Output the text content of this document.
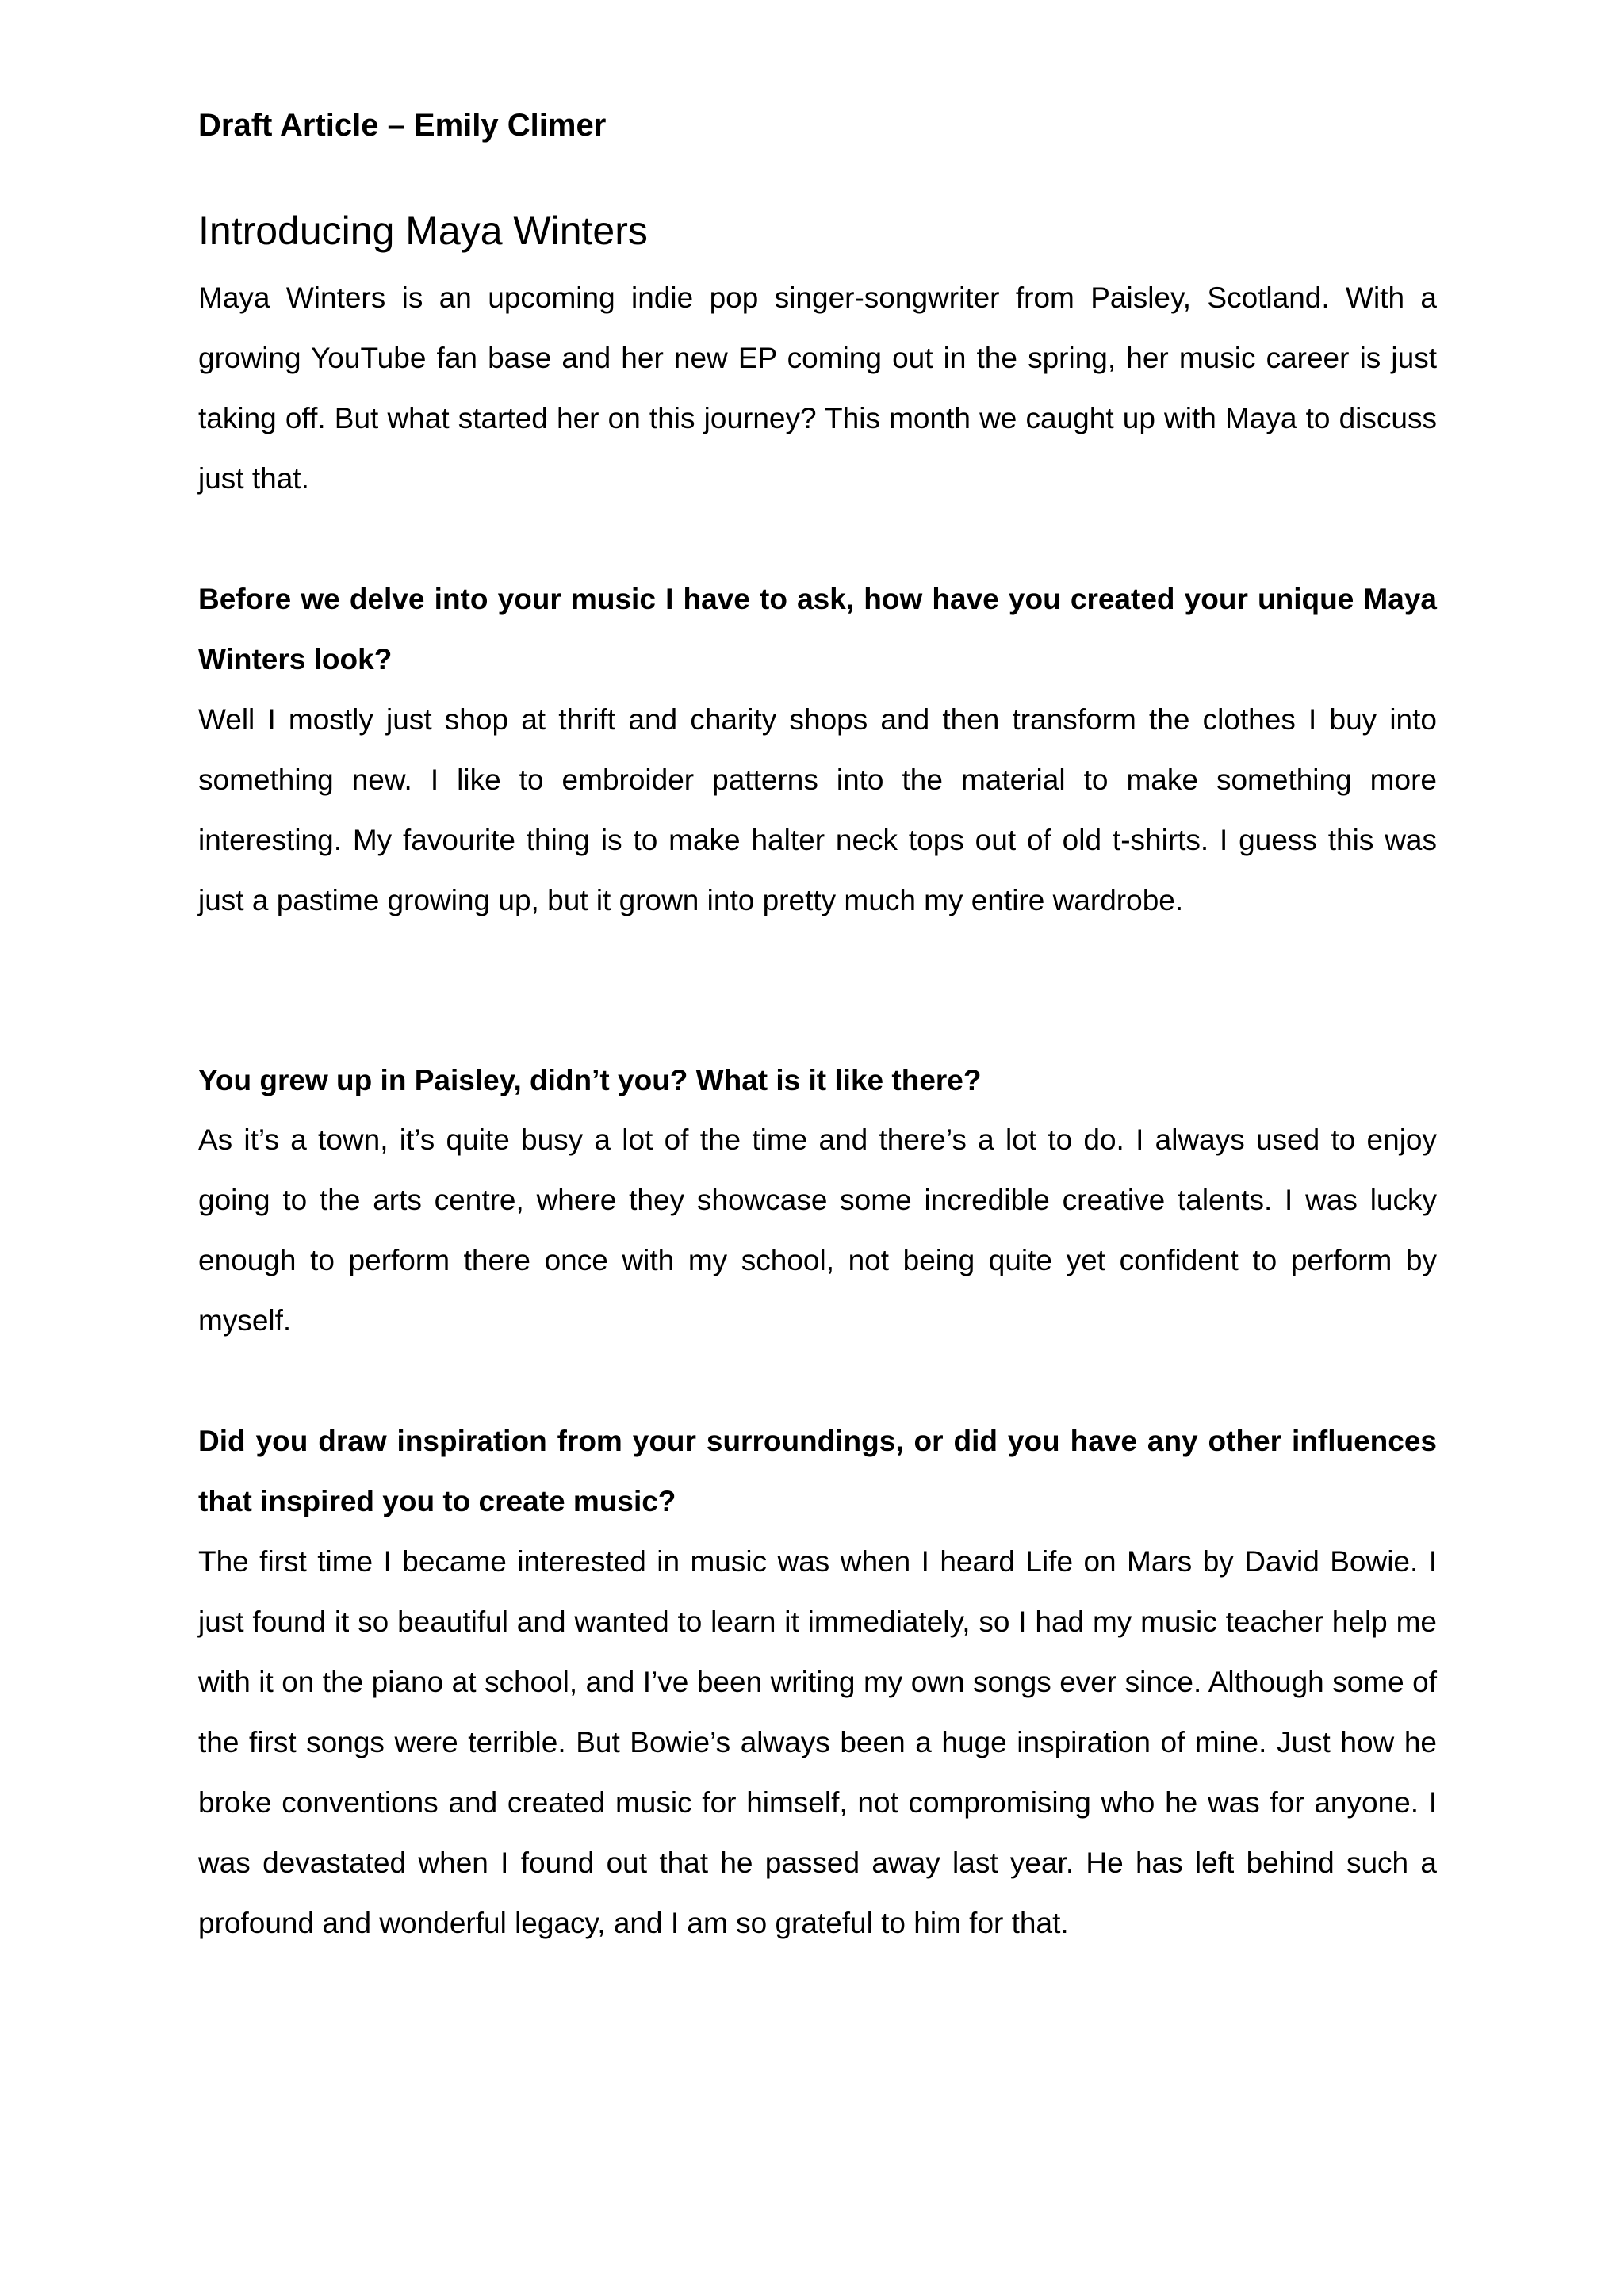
Draft Article – Emily Climer

Introducing Maya Winters

Maya Winters is an upcoming indie pop singer-songwriter from Paisley, Scotland. With a growing YouTube fan base and her new EP coming out in the spring, her music career is just taking off. But what started her on this journey? This month we caught up with Maya to discuss just that.

Before we delve into your music I have to ask, how have you created your unique Maya Winters look?

Well I mostly just shop at thrift and charity shops and then transform the clothes I buy into something new. I like to embroider patterns into the material to make something more interesting. My favourite thing is to make halter neck tops out of old t-shirts. I guess this was just a pastime growing up, but it grown into pretty much my entire wardrobe.

You grew up in Paisley, didn’t you? What is it like there?

As it’s a town, it’s quite busy a lot of the time and there’s a lot to do. I always used to enjoy going to the arts centre, where they showcase some incredible creative talents. I was lucky enough to perform there once with my school, not being quite yet confident to perform by myself.

Did you draw inspiration from your surroundings, or did you have any other influences that inspired you to create music?

The first time I became interested in music was when I heard Life on Mars by David Bowie. I just found it so beautiful and wanted to learn it immediately, so I had my music teacher help me with it on the piano at school, and I’ve been writing my own songs ever since. Although some of the first songs were terrible. But Bowie’s always been a huge inspiration of mine. Just how he broke conventions and created music for himself, not compromising who he was for anyone. I was devastated when I found out that he passed away last year. He has left behind such a profound and wonderful legacy, and I am so grateful to him for that.
